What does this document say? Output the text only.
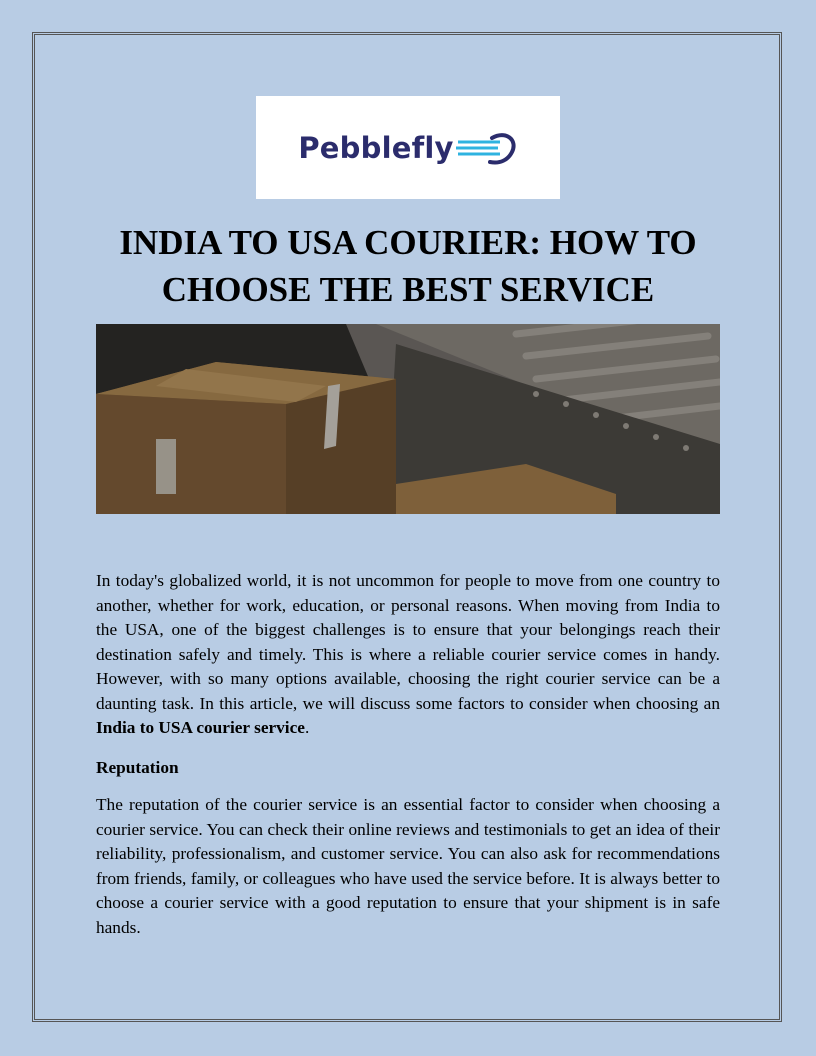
Pebblefly
INDIA TO USA COURIER: HOW TO
CHOOSE THE BEST SERVICE

In today's globalized world, it is not uncommon for people to move from one country to another, whether for work, education, or personal reasons. When moving from India to the USA, one of the biggest challenges is to ensure that your belongings reach their destination safely and timely. This is where a reliable courier service comes in handy. However, with so many options available, choosing the right courier service can be a daunting task. In this article, we will discuss some factors to consider when choosing an India to USA courier service.

Reputation

The reputation of the courier service is an essential factor to consider when choosing a courier service. You can check their online reviews and testimonials to get an idea of their reliability, professionalism, and customer service. You can also ask for recommendations from friends, family, or colleagues who have used the service before. It is always better to choose a courier service with a good reputation to ensure that your shipment is in safe hands.
